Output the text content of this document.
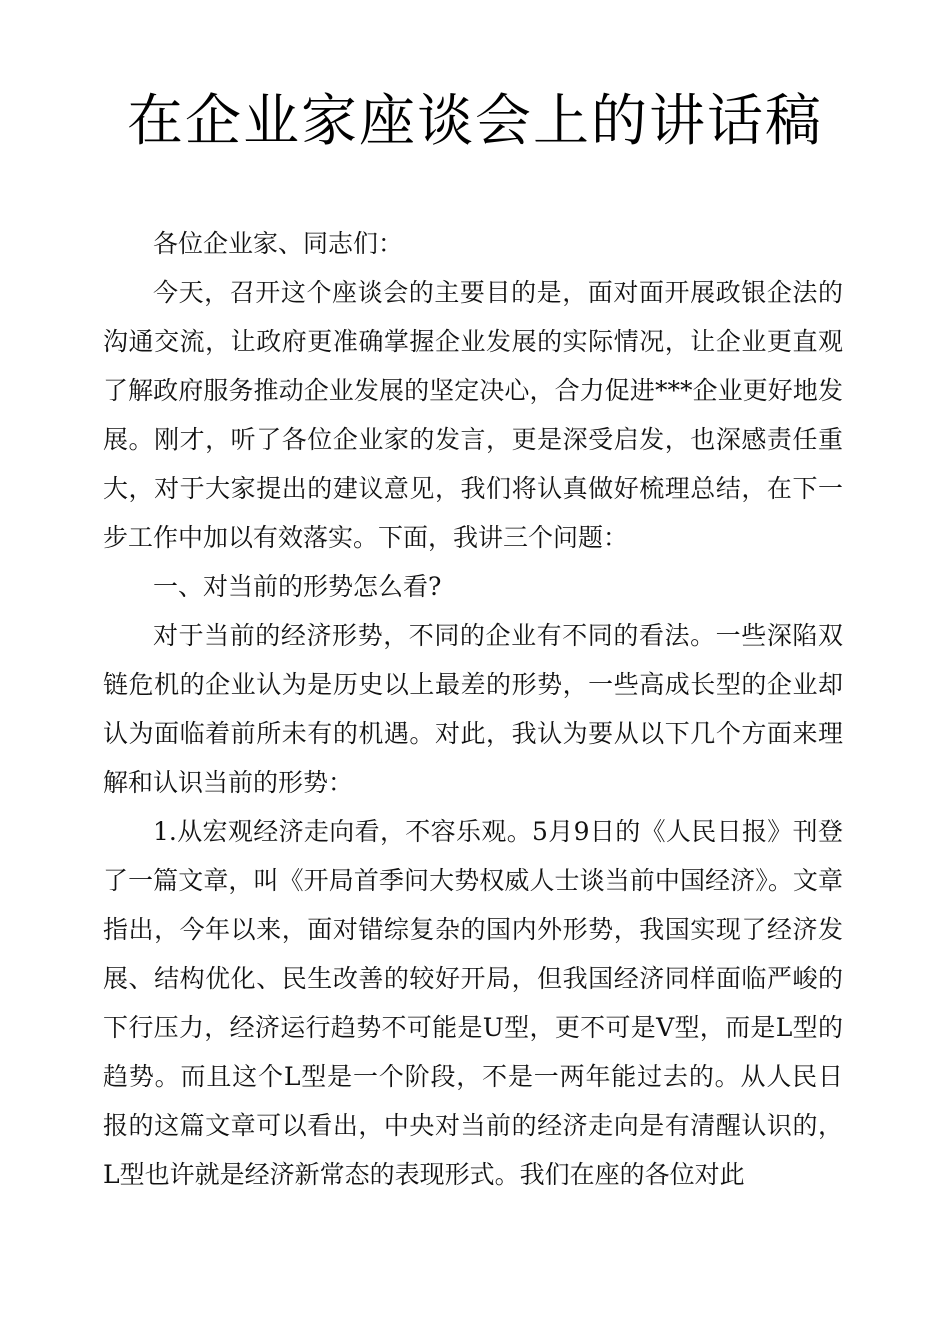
在企业家座谈会上的讲话稿

各位企业家、同志们：

今天，召开这个座谈会的主要目的是，面对面开展政银企法的沟通交流，让政府更准确掌握企业发展的实际情况，让企业更直观了解政府服务推动企业发展的坚定决心，合力促进***企业更好地发展。刚才，听了各位企业家的发言，更是深受启发，也深感责任重大，对于大家提出的建议意见，我们将认真做好梳理总结，在下一步工作中加以有效落实。下面，我讲三个问题：

一、对当前的形势怎么看?

对于当前的经济形势，不同的企业有不同的看法。一些深陷双链危机的企业认为是历史以上最差的形势，一些高成长型的企业却认为面临着前所未有的机遇。对此，我认为要从以下几个方面来理解和认识当前的形势：

1.从宏观经济走向看，不容乐观。5月9日的《人民日报》刊登了一篇文章，叫《开局首季问大势权威人士谈当前中国经济》。文章指出，今年以来，面对错综复杂的国内外形势，我国实现了经济发展、结构优化、民生改善的较好开局，但我国经济同样面临严峻的下行压力，经济运行趋势不可能是U型，更不可是V型，而是L型的趋势。而且这个L型是一个阶段，不是一两年能过去的。从人民日报的这篇文章可以看出，中央对当前的经济走向是有清醒认识的，L型也许就是经济新常态的表现形式。我们在座的各位对此
